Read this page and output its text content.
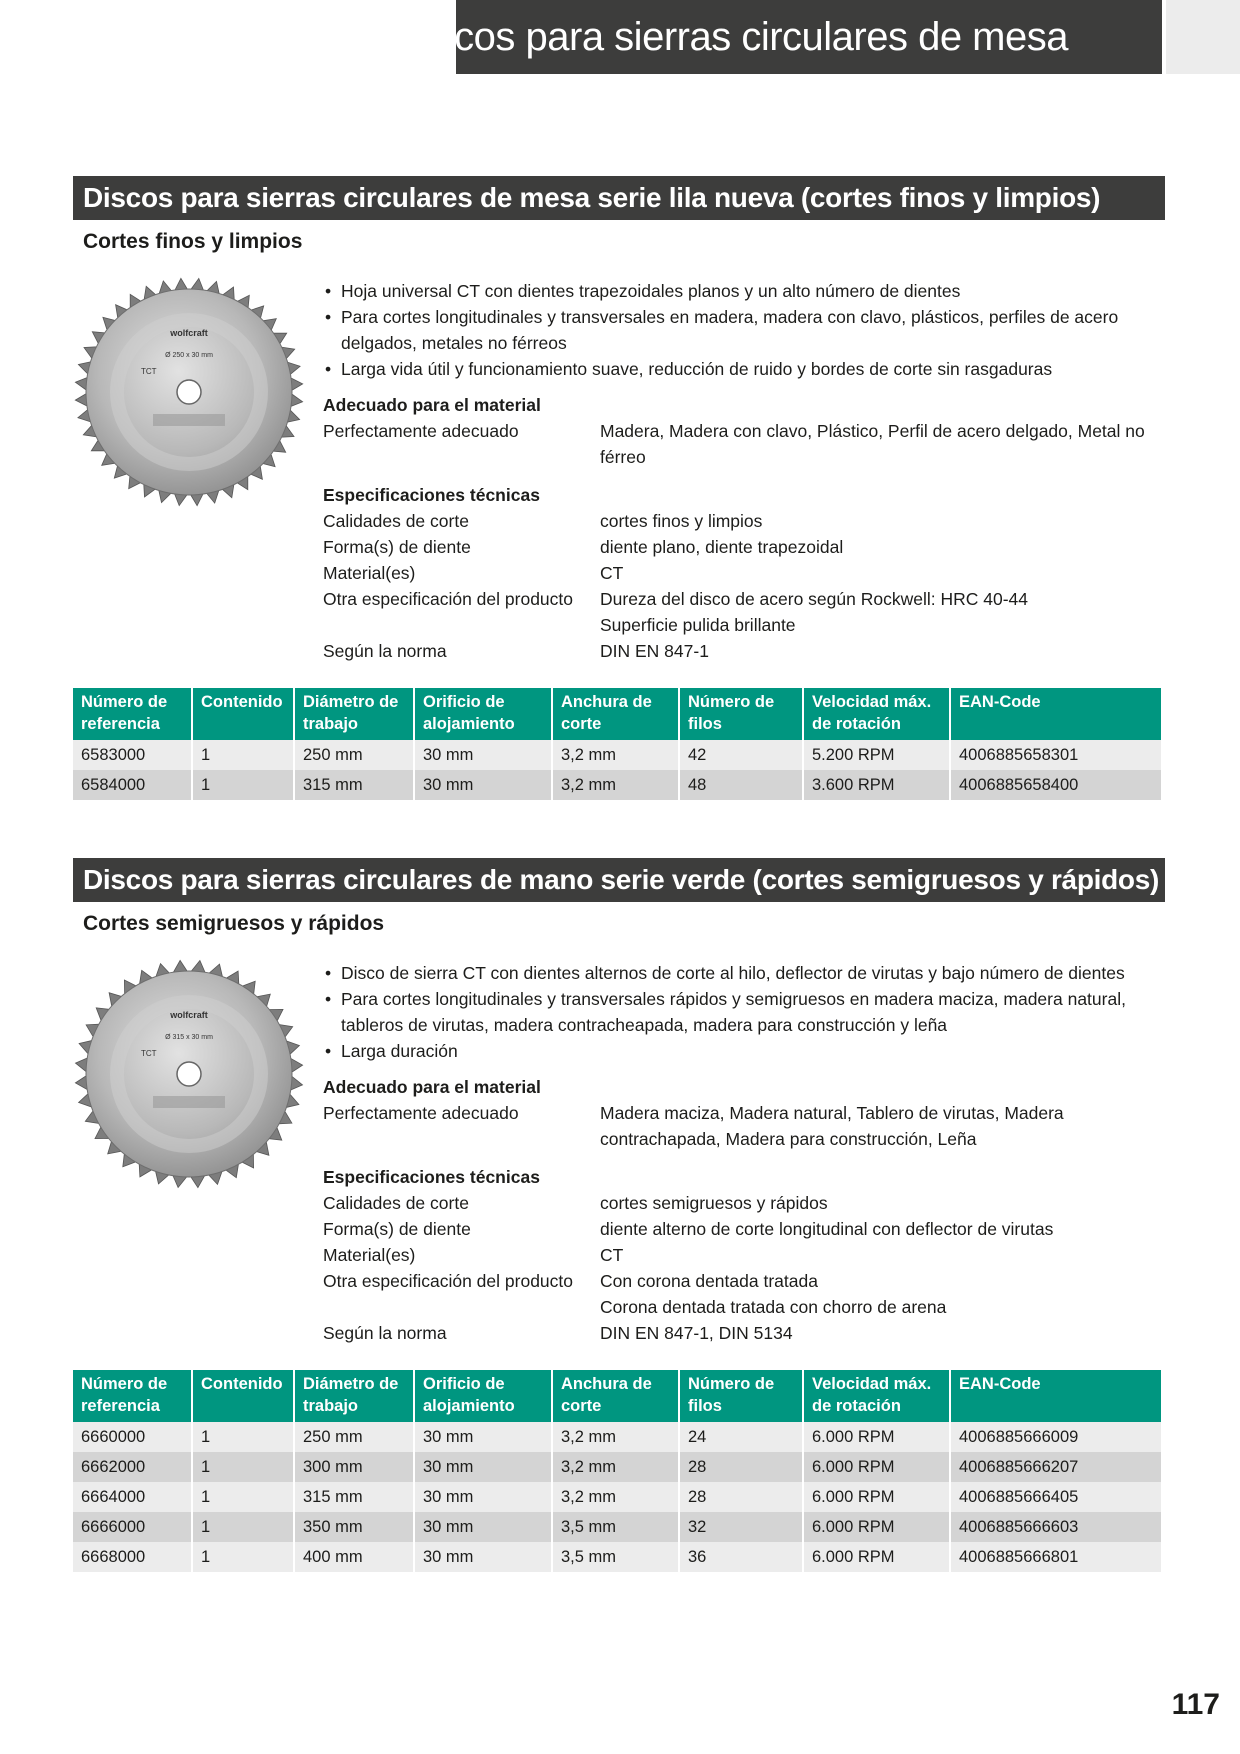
Discos para sierras circulares de mesa
Discos para sierras circulares de mesa serie lila nueva (cortes finos y limpios)
Cortes finos y limpios
wolfcraft
Ø 250 x 30 mm
TCT
• Hoja universal CT con dientes trapezoidales planos y un alto número de dientes
• Para cortes longitudinales y transversales en madera, madera con clavo, plásticos, perfiles de acero delgados, metales no férreos
• Larga vida útil y funcionamiento suave, reducción de ruido y bordes de corte sin rasgaduras
Adecuado para el material
Perfectamente adecuado	Madera, Madera con clavo, Plástico, Perfil de acero delgado, Metal no férreo
Especificaciones técnicas
Calidades de corte	cortes finos y limpios
Forma(s) de diente	diente plano, diente trapezoidal
Material(es)	CT
Otra especificación del producto	Dureza del disco de acero según Rockwell: HRC 40-44
Superficie pulida brillante
Según la norma	DIN EN 847-1
Número de referencia	Contenido	Diámetro de trabajo	Orificio de alojamiento	Anchura de corte	Número de filos	Velocidad máx. de rotación	EAN-Code
6583000	1	250 mm	30 mm	3,2 mm	42	5.200 RPM	4006885658301
6584000	1	315 mm	30 mm	3,2 mm	48	3.600 RPM	4006885658400
Discos para sierras circulares de mano serie verde (cortes semigruesos y rápidos)
Cortes semigruesos y rápidos
wolfcraft
Ø 315 x 30 mm
TCT
• Disco de sierra CT con dientes alternos de corte al hilo, deflector de virutas y bajo número de dientes
• Para cortes longitudinales y transversales rápidos y semigruesos en madera maciza, madera natural, tableros de virutas, madera contracheapada, madera para construcción y leña
• Larga duración
Adecuado para el material
Perfectamente adecuado	Madera maciza, Madera natural, Tablero de virutas, Madera contrachapada, Madera para construcción, Leña
Especificaciones técnicas
Calidades de corte	cortes semigruesos y rápidos
Forma(s) de diente	diente alterno de corte longitudinal con deflector de virutas
Material(es)	CT
Otra especificación del producto	Con corona dentada tratada
Corona dentada tratada con chorro de arena
Según la norma	DIN EN 847-1, DIN 5134
Número de referencia	Contenido	Diámetro de trabajo	Orificio de alojamiento	Anchura de corte	Número de filos	Velocidad máx. de rotación	EAN-Code
6660000	1	250 mm	30 mm	3,2 mm	24	6.000 RPM	4006885666009
6662000	1	300 mm	30 mm	3,2 mm	28	6.000 RPM	4006885666207
6664000	1	315 mm	30 mm	3,2 mm	28	6.000 RPM	4006885666405
6666000	1	350 mm	30 mm	3,5 mm	32	6.000 RPM	4006885666603
6668000	1	400 mm	30 mm	3,5 mm	36	6.000 RPM	4006885666801
117
